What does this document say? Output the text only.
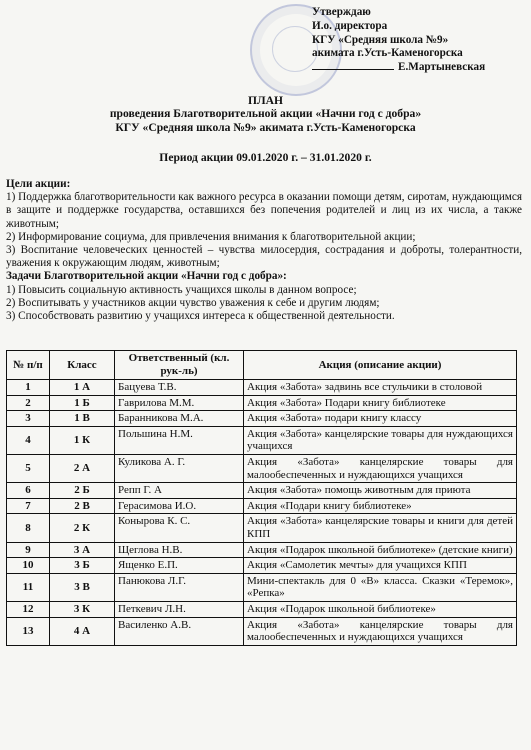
Утверждаю
И.о. директора
КГУ «Средняя школа №9»
акимата г.Усть-Каменогорска
Е.Мартыневская
ПЛАН
проведения Благотворительной акции «Начни год с добра»
КГУ «Средняя школа №9» акимата г.Усть-Каменогорска
Период акции 09.01.2020 г. – 31.01.2020 г.

Цели акции:

1) Поддержка благотворительности как важного ресурса в оказании помощи детям, сиротам, нуждающимся в защите и поддержке государства, оставшихся без попечения родителей и лиц из их числа, а также животным;

2) Информирование социума, для привлечения внимания к благотворительной акции;

3) Воспитание человеческих ценностей – чувства милосердия, сострадания и доброты, толерантности, уважения к окружающим людям, животным;

Задачи Благотворительной акции «Начни год с добра»:

1) Повысить социальную активность учащихся школы в данном вопросе;

2) Воспитывать у участников акции чувство уважения к себе и другим людям;

3) Способствовать развитию у учащихся интереса к общественной деятельности.

№ п/п	Класс	Ответственный (кл. рук-ль)	Акция (описание акции)
1	1 А	Бацуева Т.В.	Акция «Забота» задвинь все стульчики в столовой
2	1 Б	Гаврилова М.М.	Акция «Забота» Подари книгу библиотеке
3	1 В	Баранникова М.А.	Акция «Забота» подари книгу классу
4	1 К	Польшина Н.М.	Акция «Забота» канцелярские товары для нуждающихся учащихся
5	2 А	Куликова А. Г.	Акция «Забота» канцелярские товары для малообеспеченных и нуждающихся учащихся
6	2 Б	Репп Г. А	Акция «Забота» помощь животным для приюта
7	2 В	Герасимова И.О.	Акция «Подари книгу библиотеке»
8	2 К	Конырова К. С.	Акция «Забота» канцелярские товары и книги для детей КПП
9	3 А	Щеглова Н.В.	Акция «Подарок школьной библиотеке» (детские книги)
10	3 Б	Ященко Е.П.	Акция «Самолетик мечты» для учащихся КПП
11	3 В	Панюкова Л.Г.	Мини-спектакль для 0 «В» класса. Сказки «Теремок», «Репка»
12	3 К	Петкевич Л.Н.	Акция «Подарок школьной библиотеке»
13	4 А	Василенко А.В.	Акция «Забота» канцелярские товары для малообеспеченных и нуждающихся учащихся
